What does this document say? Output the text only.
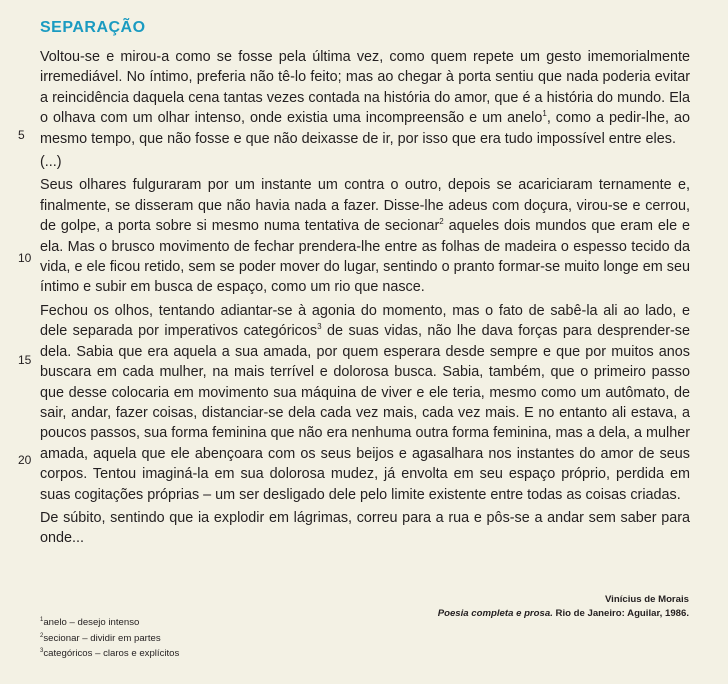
SEPARAÇÃO
5
10
15
20

Voltou-se e mirou-a como se fosse pela última vez, como quem repete um gesto imemorialmente irremediável. No íntimo, preferia não tê-lo feito; mas ao chegar à porta sentiu que nada poderia evitar a reincidência daquela cena tantas vezes contada na história do amor, que é a história do mundo. Ela o olhava com um olhar intenso, onde existia uma incompreensão e um anelo$^1$, como a pedir-lhe, ao mesmo tempo, que não fosse e que não deixasse de ir, por isso que era tudo impossível entre eles.

(...)

Seus olhares fulguraram por um instante um contra o outro, depois se acariciaram ternamente e, finalmente, se disseram que não havia nada a fazer. Disse-lhe adeus com doçura, virou-se e cerrou, de golpe, a porta sobre si mesmo numa tentativa de secionar$^2$ aqueles dois mundos que eram ele e ela. Mas o brusco movimento de fechar prendera-lhe entre as folhas de madeira o espesso tecido da vida, e ele ficou retido, sem se poder mover do lugar, sentindo o pranto formar-se muito longe em seu íntimo e subir em busca de espaço, como um rio que nasce.

Fechou os olhos, tentando adiantar-se à agonia do momento, mas o fato de sabê-la ali ao lado, e dele separada por imperativos categóricos$^3$ de suas vidas, não lhe dava forças para desprender-se dela. Sabia que era aquela a sua amada, por quem esperara desde sempre e que por muitos anos buscara em cada mulher, na mais terrível e dolorosa busca. Sabia, também, que o primeiro passo que desse colocaria em movimento sua máquina de viver e ele teria, mesmo como um autômato, de sair, andar, fazer coisas, distanciar-se dela cada vez mais, cada vez mais. E no entanto ali estava, a poucos passos, sua forma feminina que não era nenhuma outra forma feminina, mas a dela, a mulher amada, aquela que ele abençoara com os seus beijos e agasalhara nos instantes do amor de seus corpos. Tentou imaginá-la em sua dolorosa mudez, já envolta em seu espaço próprio, perdida em suas cogitações próprias – um ser desligado dele pelo limite existente entre todas as coisas criadas.

De súbito, sentindo que ia explodir em lágrimas, correu para a rua e pôs-se a andar sem saber para onde...

Vinícius de Morais
Poesia completa e prosa. Rio de Janeiro: Aguilar, 1986.
$^1$anelo – desejo intenso
$^2$secionar – dividir em partes
$^3$categóricos – claros e explícitos
